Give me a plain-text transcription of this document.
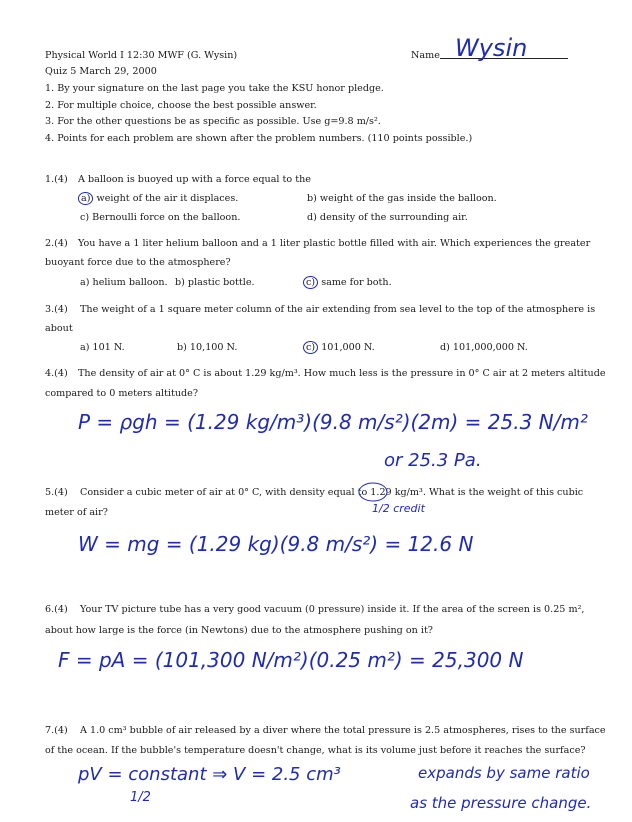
Physical World I 12:30 MWF (G. Wysin)
Quiz 5 March 29, 2000
Name Wysin
1. By your signature on the last page you take the KSU honor pledge.
2. For multiple choice, choose the best possible answer.
3. For the other questions be as specific as possible. Use g=9.8 m/s².
4. Points for each problem are shown after the problem numbers. (110 points possible.)
1.(4) A balloon is buoyed up with a force equal to the
a) weight of the air it displaces.	b) weight of the gas inside the balloon.
c) Bernoulli force on the balloon.	d) density of the surrounding air.
2.(4) You have a 1 liter helium balloon and a 1 liter plastic bottle filled with air. Which experiences the greater
buoyant force due to the atmosphere?
a) helium balloon. b) plastic bottle.	c) same for both.
3.(4) The weight of a 1 square meter column of the air extending from sea level to the top of the atmosphere is
about
a) 101 N.	b) 10,100 N.	c) 101,000 N.	d) 101,000,000 N.
4.(4) The density of air at 0° C is about 1.29 kg/m³. How much less is the pressure in 0° C air at 2 meters altitude
compared to 0 meters altitude?
P = ρgh = (1.29 kg/m³)(9.8 m/s²)(2m) = 25.3 N/m²
or 25.3 Pa.
5.(4) Consider a cubic meter of air at 0° C, with density equal to 1.29 kg/m³. What is the weight of this cubic
meter of air?	1/2 credit
W = mg = (1.29 kg)(9.8 m/s²) = 12.6 N
6.(4) Your TV picture tube has a very good vacuum (0 pressure) inside it. If the area of the screen is 0.25 m²,
about how large is the force (in Newtons) due to the atmosphere pushing on it?
F = pA = (101,300 N/m²)(0.25 m²) = 25,300 N
7.(4) A 1.0 cm³ bubble of air released by a diver where the total pressure is 2.5 atmospheres, rises to the surface
of the ocean. If the bubble's temperature doesn't change, what is its volume just before it reaches the surface?
pV = constant ⇒ V = 2.5 cm³	expands by same ratio
as the pressure change.
1/2
